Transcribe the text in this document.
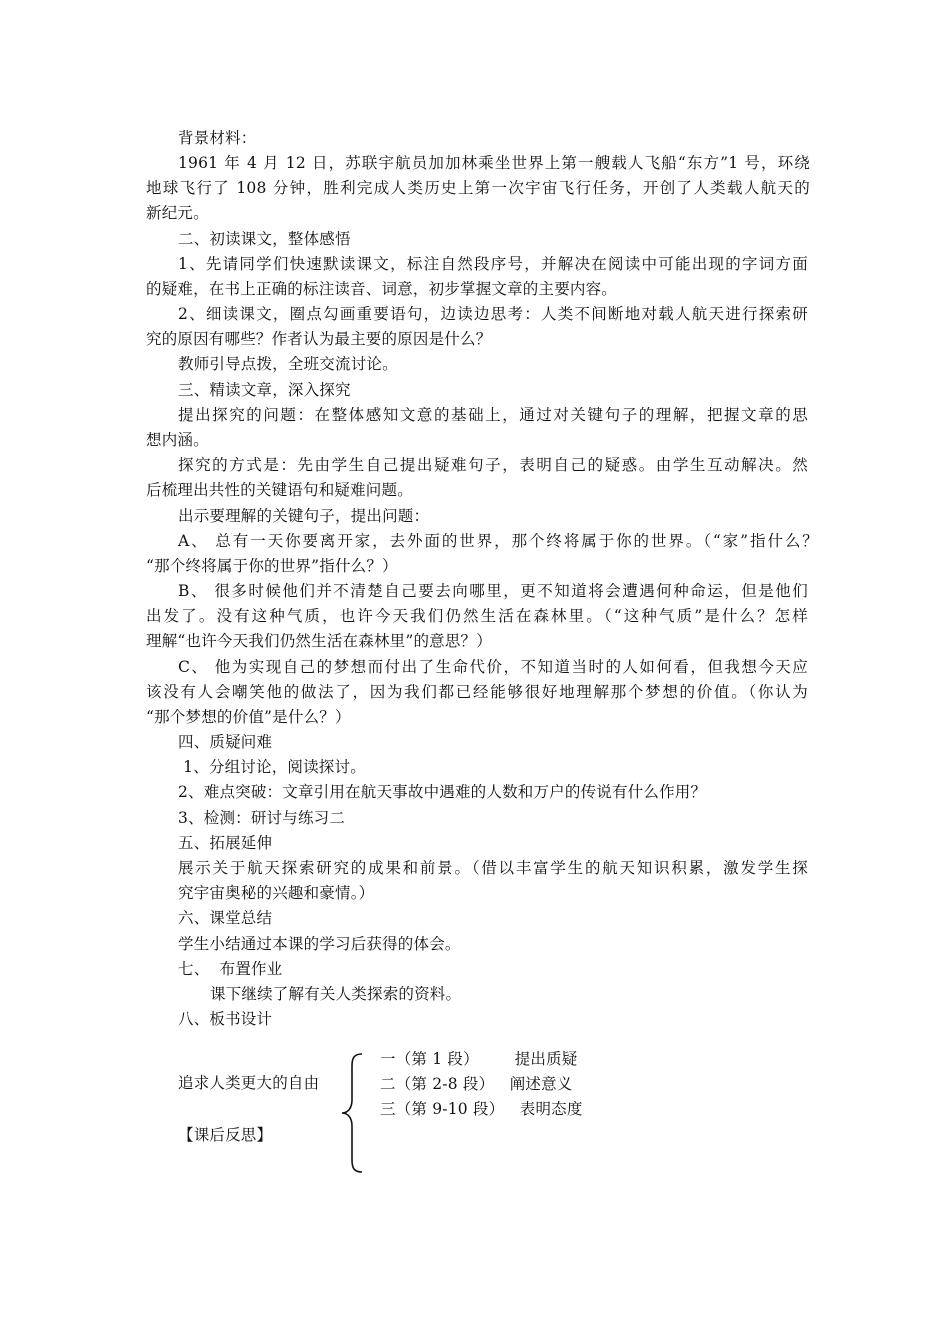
背景材料：
1961 年 4 月 12 日，苏联宇航员加加林乘坐世界上第一艘载人飞船“东方”1 号，环绕
地球飞行了 108 分钟，胜利完成人类历史上第一次宇宙飞行任务，开创了人类载人航天的
新纪元。
二、初读课文，整体感悟
1、先请同学们快速默读课文，标注自然段序号，并解决在阅读中可能出现的字词方面
的疑难，在书上正确的标注读音、词意，初步掌握文章的主要内容。
2、细读课文，圈点勾画重要语句，边读边思考：人类不间断地对载人航天进行探索研
究的原因有哪些？作者认为最主要的原因是什么？
教师引导点拨，全班交流讨论。
三、精读文章，深入探究
提出探究的问题：在整体感知文意的基础上，通过对关键句子的理解，把握文章的思
想内涵。
探究的方式是：先由学生自己提出疑难句子，表明自己的疑惑。由学生互动解决。然
后梳理出共性的关键语句和疑难问题。
出示要理解的关键句子，提出问题：
A、 总有一天你要离开家，去外面的世界，那个终将属于你的世界。（“家”指什么？
“那个终将属于你的世界”指什么？）
B、 很多时候他们并不清楚自己要去向哪里，更不知道将会遭遇何种命运，但是他们
出发了。没有这种气质，也许今天我们仍然生活在森林里。（“这种气质”是什么？怎样
理解“也许今天我们仍然生活在森林里”的意思？）
C、 他为实现自己的梦想而付出了生命代价，不知道当时的人如何看，但我想今天应
该没有人会嘲笑他的做法了，因为我们都已经能够很好地理解那个梦想的价值。（你认为
“那个梦想的价值”是什么？）
四、质疑问难
1、分组讨论，阅读探讨。
2、难点突破：文章引用在航天事故中遇难的人数和万户的传说有什么作用？
3、检测：研讨与练习二
五、拓展延伸
展示关于航天探索研究的成果和前景。（借以丰富学生的航天知识积累，激发学生探
究宇宙奥秘的兴趣和豪情。）
六、课堂总结
学生小结通过本课的学习后获得的体会。
七、  布置作业
课下继续了解有关人类探索的资料。
八、板书设计
追求人类更大的自由
一（第 1 段）       提出质疑
二（第 2-8 段）   阐述意义
三（第 9-10 段）   表明态度
【课后反思】
